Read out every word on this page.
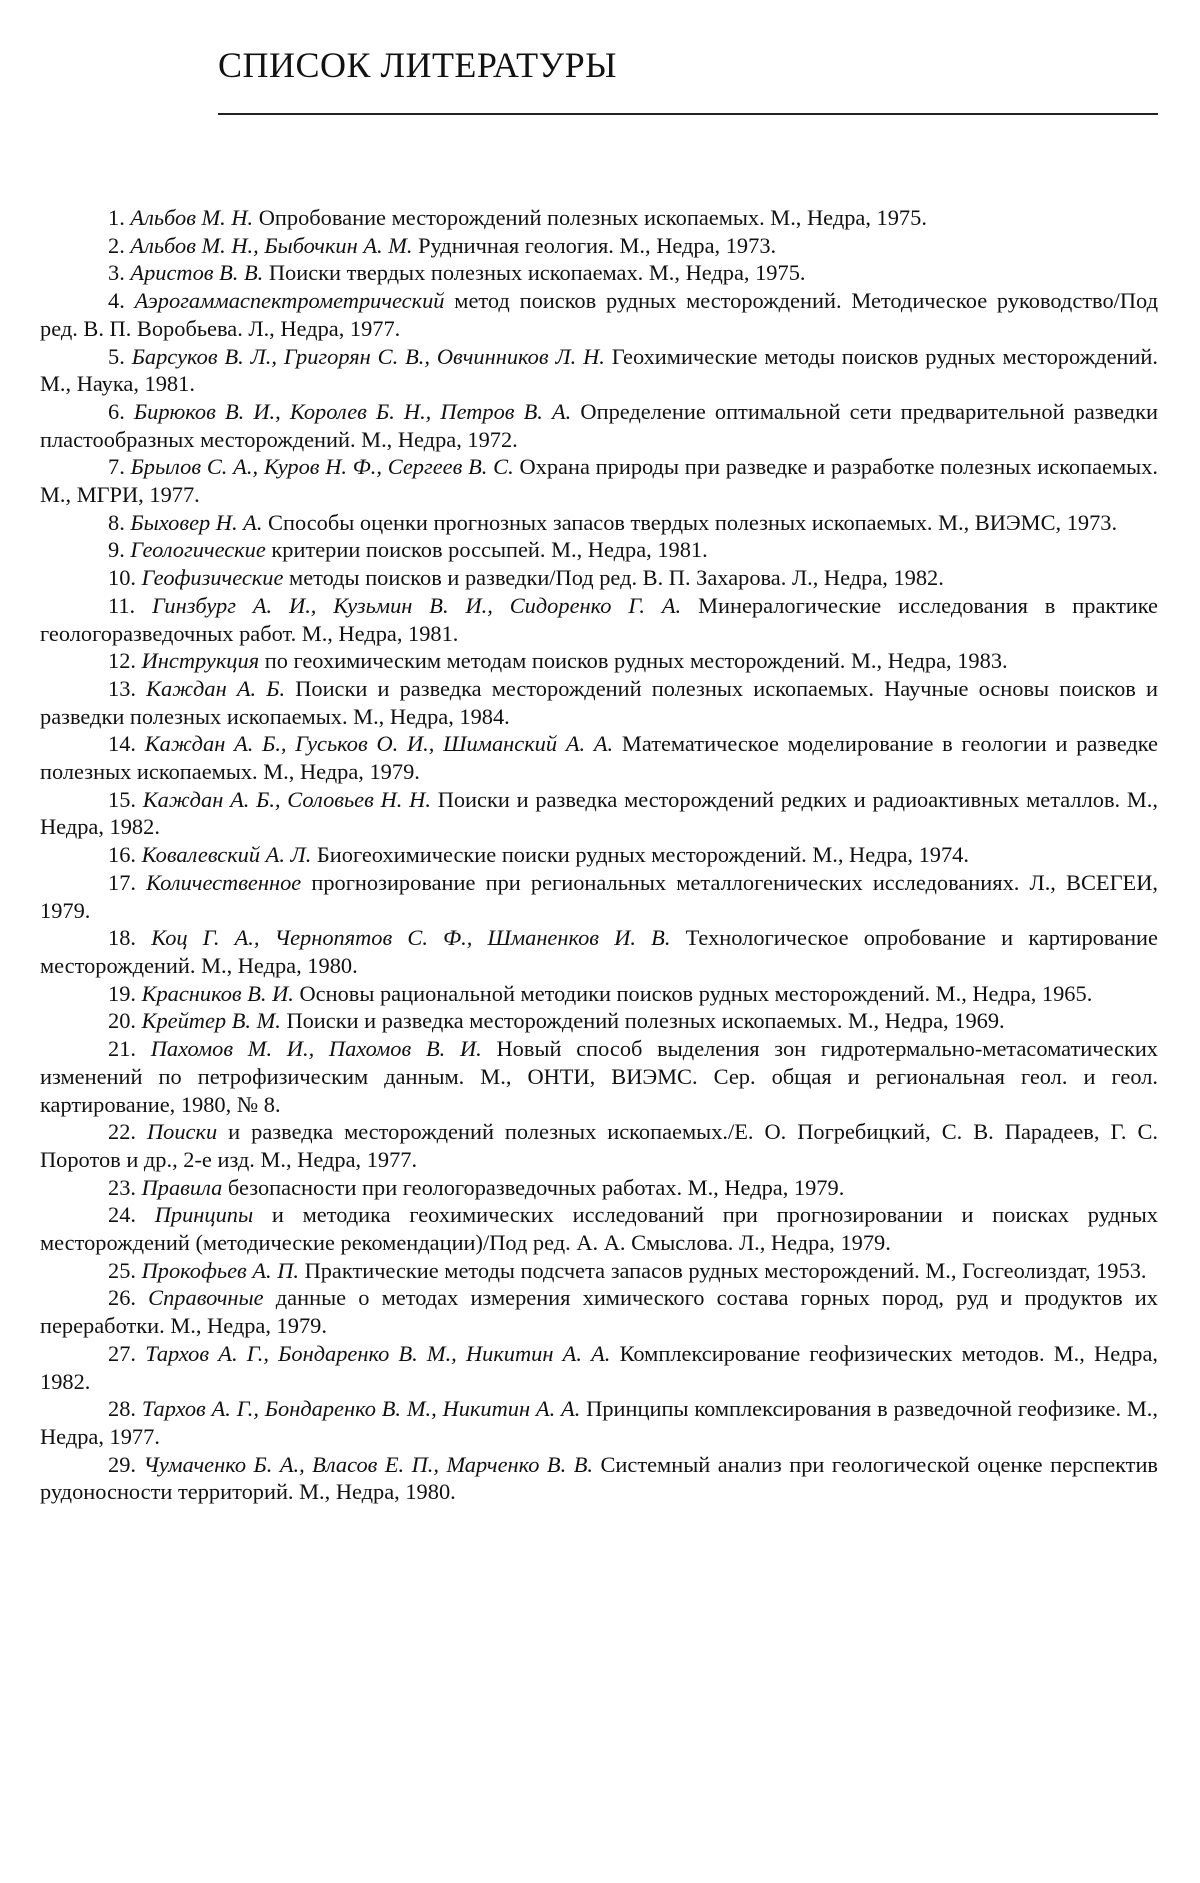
СПИСОК ЛИТЕРАТУРЫ
1. Альбов М. Н. Опробование месторождений полезных ископаемых. М., Недра, 1975.
2. Альбов М. Н., Быбочкин А. М. Рудничная геология. М., Недра, 1973.
3. Аристов В. В. Поиски твердых полезных ископаемах. М., Недра, 1975.
4. Аэрогаммаспектрометрический метод поисков рудных месторождений. Методическое руководство/Под ред. В. П. Воробьева. Л., Недра, 1977.
5. Барсуков В. Л., Григорян С. В., Овчинников Л. Н. Геохимические методы поисков рудных месторождений. М., Наука, 1981.
6. Бирюков В. И., Королев Б. Н., Петров В. А. Определение оптимальной сети предварительной разведки пластообразных месторождений. М., Недра, 1972.
7. Брылов С. А., Куров Н. Ф., Сергеев В. С. Охрана природы при разведке и разработке полезных ископаемых. М., МГРИ, 1977.
8. Быховер Н. А. Способы оценки прогнозных запасов твердых полезных ископаемых. М., ВИЭМС, 1973.
9. Геологические критерии поисков россыпей. М., Недра, 1981.
10. Геофизические методы поисков и разведки/Под ред. В. П. Захарова. Л., Недра, 1982.
11. Гинзбург А. И., Кузьмин В. И., Сидоренко Г. А. Минералогические исследования в практике геологоразведочных работ. М., Недра, 1981.
12. Инструкция по геохимическим методам поисков рудных месторождений. М., Недра, 1983.
13. Каждан А. Б. Поиски и разведка месторождений полезных ископаемых. Научные основы поисков и разведки полезных ископаемых. М., Недра, 1984.
14. Каждан А. Б., Гуськов О. И., Шиманский А. А. Математическое моделирование в геологии и разведке полезных ископаемых. М., Недра, 1979.
15. Каждан А. Б., Соловьев Н. Н. Поиски и разведка месторождений редких и радиоактивных металлов. М., Недра, 1982.
16. Ковалевский А. Л. Биогеохимические поиски рудных месторождений. М., Недра, 1974.
17. Количественное прогнозирование при региональных металлогенических исследованиях. Л., ВСЕГЕИ, 1979.
18. Коц Г. А., Чернопятов С. Ф., Шманенков И. В. Технологическое опробование и картирование месторождений. М., Недра, 1980.
19. Красников В. И. Основы рациональной методики поисков рудных месторождений. М., Недра, 1965.
20. Крейтер В. М. Поиски и разведка месторождений полезных ископаемых. М., Недра, 1969.
21. Пахомов М. И., Пахомов В. И. Новый способ выделения зон гидротермально-метасоматических изменений по петрофизическим данным. М., ОНТИ, ВИЭМС. Сер. общая и региональная геол. и геол. картирование, 1980, № 8.
22. Поиски и разведка месторождений полезных ископаемых./Е. О. Погребицкий, С. В. Парадеев, Г. С. Поротов и др., 2-е изд. М., Недра, 1977.
23. Правила безопасности при геологоразведочных работах. М., Недра, 1979.
24. Принципы и методика геохимических исследований при прогнозировании и поисках рудных месторождений (методические рекомендации)/Под ред. А. А. Смыслова. Л., Недра, 1979.
25. Прокофьев А. П. Практические методы подсчета запасов рудных месторождений. М., Госгеолиздат, 1953.
26. Справочные данные о методах измерения химического состава горных пород, руд и продуктов их переработки. М., Недра, 1979.
27. Тархов А. Г., Бондаренко В. М., Никитин А. А. Комплексирование геофизических методов. М., Недра, 1982.
28. Тархов А. Г., Бондаренко В. М., Никитин А. А. Принципы комплексирования в разведочной геофизике. М., Недра, 1977.
29. Чумаченко Б. А., Власов Е. П., Марченко В. В. Системный анализ при геологической оценке перспектив рудоносности территорий. М., Недра, 1980.
